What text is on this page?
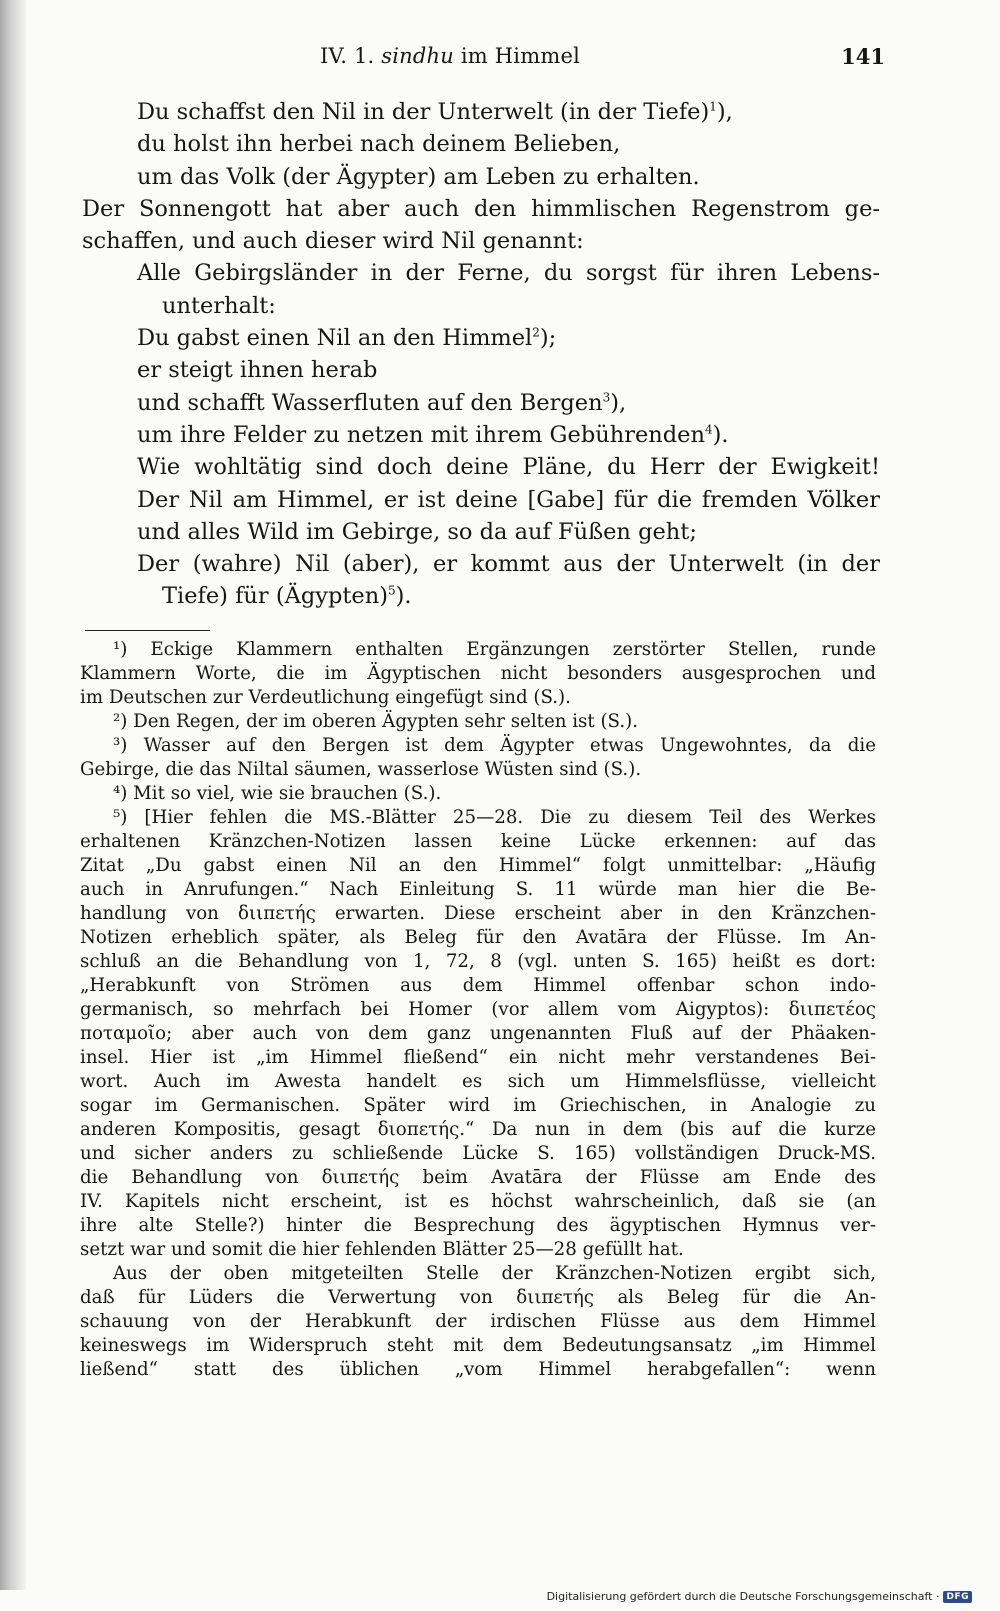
IV. 1. sindhu im Himmel	141

Du schaffst den Nil in der Unterwelt (in der Tiefe)$^1$),

du holst ihn herbei nach deinem Belieben,

um das Volk (der Ägypter) am Leben zu erhalten.

Der Sonnengott hat aber auch den himmlischen Regenstrom ge-

schaffen, und auch dieser wird Nil genannt:

Alle Gebirgsländer in der Ferne, du sorgst für ihren Lebens-

unterhalt:

Du gabst einen Nil an den Himmel$^2$);

er steigt ihnen herab

und schafft Wasserfluten auf den Bergen$^3$),

um ihre Felder zu netzen mit ihrem Gebührenden$^4$).

Wie wohltätig sind doch deine Pläne, du Herr der Ewigkeit!

Der Nil am Himmel, er ist deine [Gabe] für die fremden Völker

und alles Wild im Gebirge, so da auf Füßen geht;

Der (wahre) Nil (aber), er kommt aus der Unterwelt (in der

Tiefe) für (Ägypten)$^5$).

¹) Eckige Klammern enthalten Ergänzungen zerstörter Stellen, runde

Klammern Worte, die im Ägyptischen nicht besonders ausgesprochen und

im Deutschen zur Verdeutlichung eingefügt sind (S.).

²) Den Regen, der im oberen Ägypten sehr selten ist (S.).

³) Wasser auf den Bergen ist dem Ägypter etwas Ungewohntes, da die

Gebirge, die das Niltal säumen, wasserlose Wüsten sind (S.).

⁴) Mit so viel, wie sie brauchen (S.).

⁵) [Hier fehlen die MS.-Blätter 25—28. Die zu diesem Teil des Werkes

erhaltenen Kränzchen-Notizen lassen keine Lücke erkennen: auf das

Zitat „Du gabst einen Nil an den Himmel“ folgt unmittelbar: „Häufig

auch in Anrufungen.“ Nach Einleitung S. 11 würde man hier die Be-

handlung von διιπετής erwarten. Diese erscheint aber in den Kränzchen-

Notizen erheblich später, als Beleg für den Avatāra der Flüsse. Im An-

schluß an die Behandlung von 1, 72, 8 (vgl. unten S. 165) heißt es dort:

„Herabkunft von Strömen aus dem Himmel offenbar schon indo-

germanisch, so mehrfach bei Homer (vor allem vom Aigyptos): διιπετέος

ποταμοῖο; aber auch von dem ganz ungenannten Fluß auf der Phäaken-

insel. Hier ist „im Himmel fließend“ ein nicht mehr verstandenes Bei-

wort. Auch im Awesta handelt es sich um Himmelsflüsse, vielleicht

sogar im Germanischen. Später wird im Griechischen, in Analogie zu

anderen Kompositis, gesagt διοπετής.“ Da nun in dem (bis auf die kurze

und sicher anders zu schließende Lücke S. 165) vollständigen Druck-MS.

die Behandlung von διιπετής beim Avatāra der Flüsse am Ende des

IV. Kapitels nicht erscheint, ist es höchst wahrscheinlich, daß sie (an

ihre alte Stelle?) hinter die Besprechung des ägyptischen Hymnus ver-

setzt war und somit die hier fehlenden Blätter 25—28 gefüllt hat.

Aus der oben mitgeteilten Stelle der Kränzchen-Notizen ergibt sich,

daß für Lüders die Verwertung von διιπετής als Beleg für die An-

schauung von der Herabkunft der irdischen Flüsse aus dem Himmel

keineswegs im Widerspruch steht mit dem Bedeutungsansatz „im Himmel

ließend“ statt des üblichen „vom Himmel herabgefallen“: wenn

Digitalisierung gefördert durch die Deutsche Forschungsgemeinschaft · DFG
